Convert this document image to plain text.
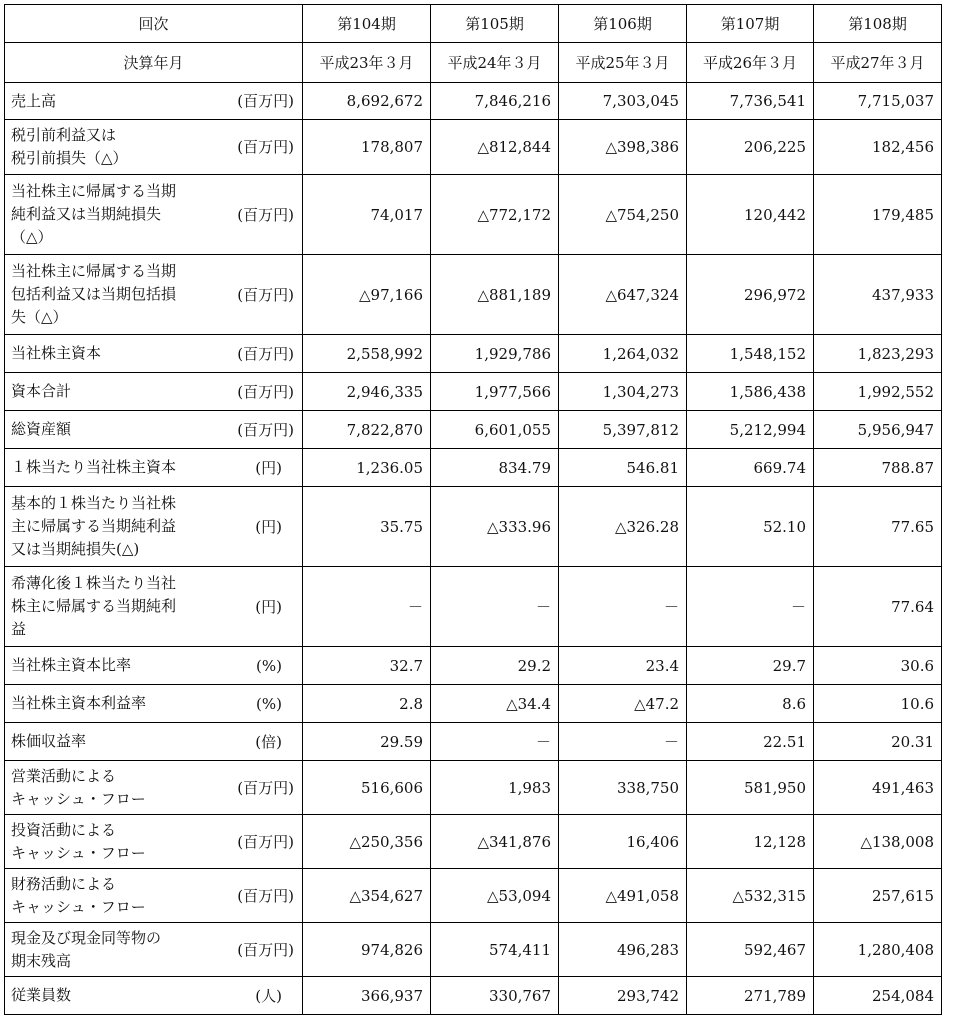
回次		第104期	第105期	第106期	第107期	第108期
決算年月		平成23年３月	平成24年３月	平成25年３月	平成26年３月	平成27年３月

売上高	(百万円)	8,692,672	7,846,216	7,303,045	7,736,541	7,715,037

税引前利益又は
税引前損失（△）	(百万円)	178,807	△812,844	△398,386	206,225	182,456

当社株主に帰属する当期
純利益又は当期純損失
（△）	(百万円)	74,017	△772,172	△754,250	120,442	179,485

当社株主に帰属する当期
包括利益又は当期包括損
失（△）	(百万円)	△97,166	△881,189	△647,324	296,972	437,933

当社株主資本	(百万円)	2,558,992	1,929,786	1,264,032	1,548,152	1,823,293

資本合計	(百万円)	2,946,335	1,977,566	1,304,273	1,586,438	1,992,552

総資産額	(百万円)	7,822,870	6,601,055	5,397,812	5,212,994	5,956,947

１株当たり当社株主資本	(円)	1,236.05	834.79	546.81	669.74	788.87

基本的１株当たり当社株
主に帰属する当期純利益
又は当期純損失(△)	(円)	35.75	△333.96	△326.28	52.10	77.65

希薄化後１株当たり当社
株主に帰属する当期純利
益	(円)	－	－	－	－	77.64

当社株主資本比率	(%)	32.7	29.2	23.4	29.7	30.6

当社株主資本利益率	(%)	2.8	△34.4	△47.2	8.6	10.6

株価収益率	(倍)	29.59	－	－	22.51	20.31

営業活動による
キャッシュ・フロー	(百万円)	516,606	1,983	338,750	581,950	491,463

投資活動による
キャッシュ・フロー	(百万円)	△250,356	△341,876	16,406	12,128	△138,008

財務活動による
キャッシュ・フロー	(百万円)	△354,627	△53,094	△491,058	△532,315	257,615

現金及び現金同等物の
期末残高	(百万円)	974,826	574,411	496,283	592,467	1,280,408

従業員数	(人)	366,937	330,767	293,742	271,789	254,084
